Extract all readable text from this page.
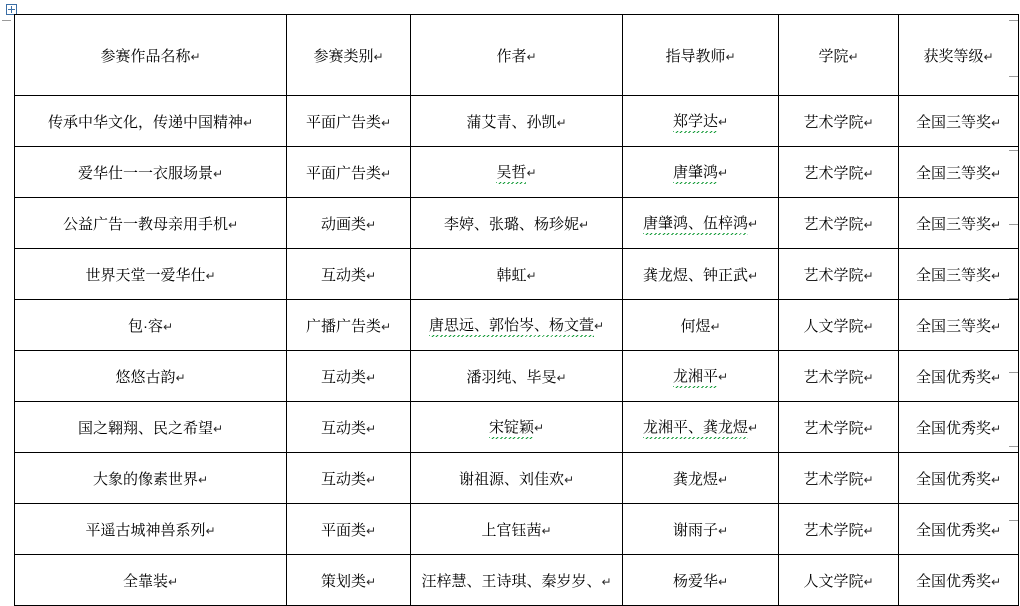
参赛作品名称↵	参赛类别↵	作者↵	指导教师↵	学院↵	获奖等级↵
传承中华文化，传递中国精神↵	平面广告类↵	蒲艾青、孙凯↵	郑学达↵	艺术学院↵	全国三等奖↵
爱华仕一一衣服场景↵	平面广告类↵	吴哲↵	唐肇鸿↵	艺术学院↵	全国三等奖↵
公益广告一教母亲用手机↵	动画类↵	李婷、张璐、杨珍妮↵	唐肇鸿、伍梓鸿↵	艺术学院↵	全国三等奖↵
世界天堂一爱华仕↵	互动类↵	韩虹↵	龚龙煜、钟正武↵	艺术学院↵	全国三等奖↵
包·容↵	广播广告类↵	唐思远、郭怡岑、杨文萱↵	何煜↵	人文学院↵	全国三等奖↵
悠悠古韵↵	互动类↵	潘羽纯、毕旻↵	龙湘平↵	艺术学院↵	全国优秀奖↵
国之翱翔、民之希望↵	互动类↵	宋锭颖↵	龙湘平、龚龙煜↵	艺术学院↵	全国优秀奖↵
大象的像素世界↵	互动类↵	谢祖源、刘佳欢↵	龚龙煜↵	艺术学院↵	全国优秀奖↵
平遥古城神兽系列↵	平面类↵	上官钰茜↵	谢雨子↵	艺术学院↵	全国优秀奖↵
全靠装↵	策划类↵	汪梓慧、王诗琪、秦岁岁、↵	杨爱华↵	人文学院↵	全国优秀奖↵
